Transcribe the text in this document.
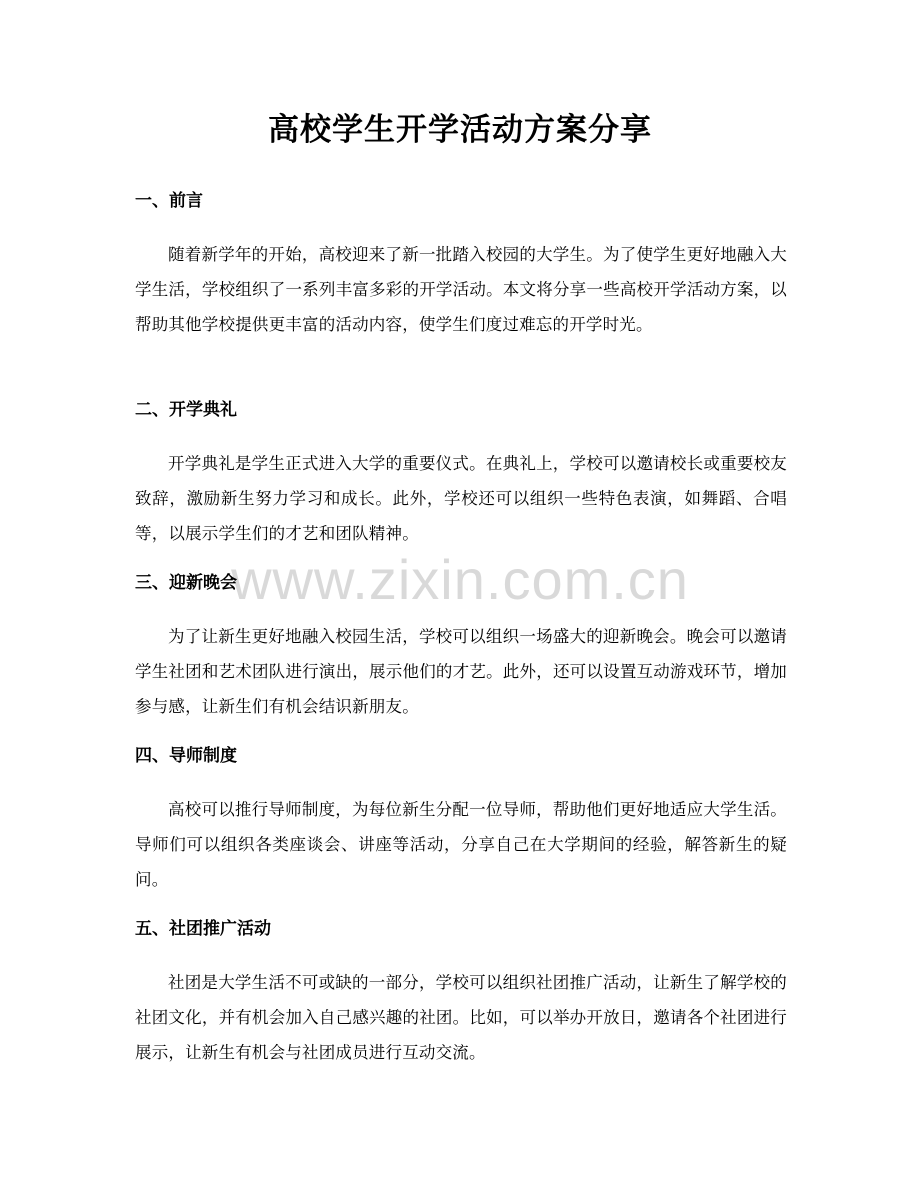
www.zixin.com.cn
高校学生开学活动方案分享
一、前言

随着新学年的开始，高校迎来了新一批踏入校园的大学生。为了使学生更好地融入大学生活，学校组织了一系列丰富多彩的开学活动。本文将分享一些高校开学活动方案，以帮助其他学校提供更丰富的活动内容，使学生们度过难忘的开学时光。

二、开学典礼

开学典礼是学生正式进入大学的重要仪式。在典礼上，学校可以邀请校长或重要校友致辞，激励新生努力学习和成长。此外，学校还可以组织一些特色表演，如舞蹈、合唱等，以展示学生们的才艺和团队精神。

三、迎新晚会

为了让新生更好地融入校园生活，学校可以组织一场盛大的迎新晚会。晚会可以邀请学生社团和艺术团队进行演出，展示他们的才艺。此外，还可以设置互动游戏环节，增加参与感，让新生们有机会结识新朋友。

四、导师制度

高校可以推行导师制度，为每位新生分配一位导师，帮助他们更好地适应大学生活。导师们可以组织各类座谈会、讲座等活动，分享自己在大学期间的经验，解答新生的疑问。

五、社团推广活动

社团是大学生活不可或缺的一部分，学校可以组织社团推广活动，让新生了解学校的社团文化，并有机会加入自己感兴趣的社团。比如，可以举办开放日，邀请各个社团进行展示，让新生有机会与社团成员进行互动交流。
